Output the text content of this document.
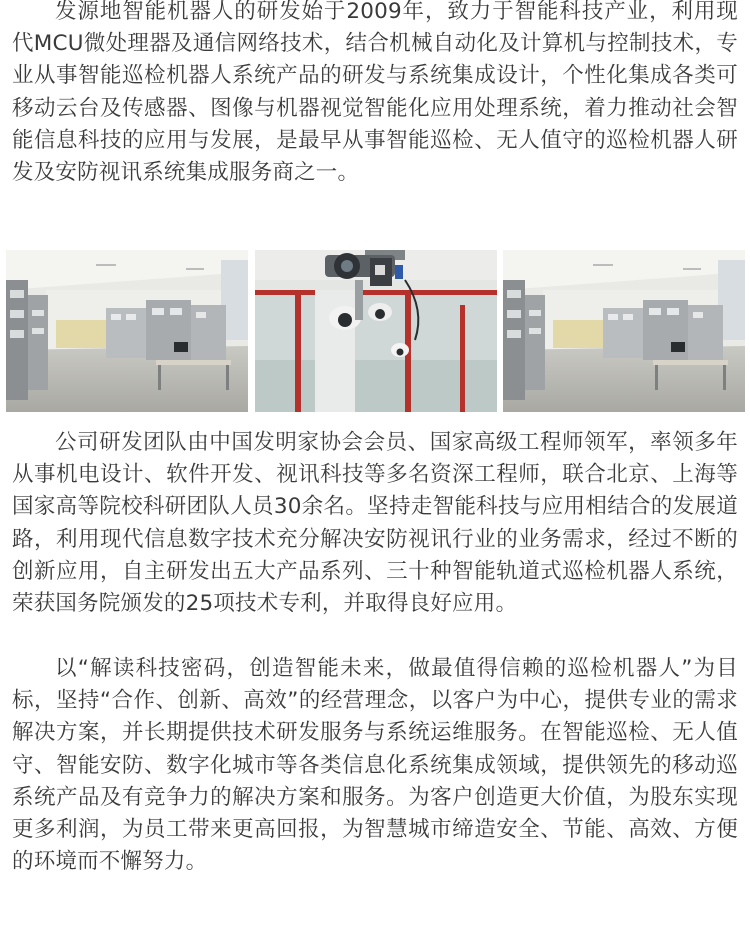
发源地智能机器人的研发始于2009年，致力于智能科技产业，利用现代MCU微处理器及通信网络技术，结合机械自动化及计算机与控制技术，专业从事智能巡检机器人系统产品的研发与系统集成设计，个性化集成各类可移动云台及传感器、图像与机器视觉智能化应用处理系统，着力推动社会智能信息科技的应用与发展，是最早从事智能巡检、无人值守的巡检机器人研发及安防视讯系统集成服务商之一。

公司研发团队由中国发明家协会会员、国家高级工程师领军，率领多年从事机电设计、软件开发、视讯科技等多名资深工程师，联合北京、上海等国家高等院校科研团队人员30余名。坚持走智能科技与应用相结合的发展道路，利用现代信息数字技术充分解决安防视讯行业的业务需求，经过不断的创新应用，自主研发出五大产品系列、三十种智能轨道式巡检机器人系统，荣获国务院颁发的25项技术专利，并取得良好应用。

以“解读科技密码，创造智能未来，做最值得信赖的巡检机器人”为目标，坚持“合作、创新、高效”的经营理念，以客户为中心，提供专业的需求解决方案，并长期提供技术研发服务与系统运维服务。在智能巡检、无人值守、智能安防、数字化城市等各类信息化系统集成领域，提供领先的移动巡系统产品及有竞争力的解决方案和服务。为客户创造更大价值，为股东实现更多利润，为员工带来更高回报，为智慧城市缔造安全、节能、高效、方便的环境而不懈努力。
